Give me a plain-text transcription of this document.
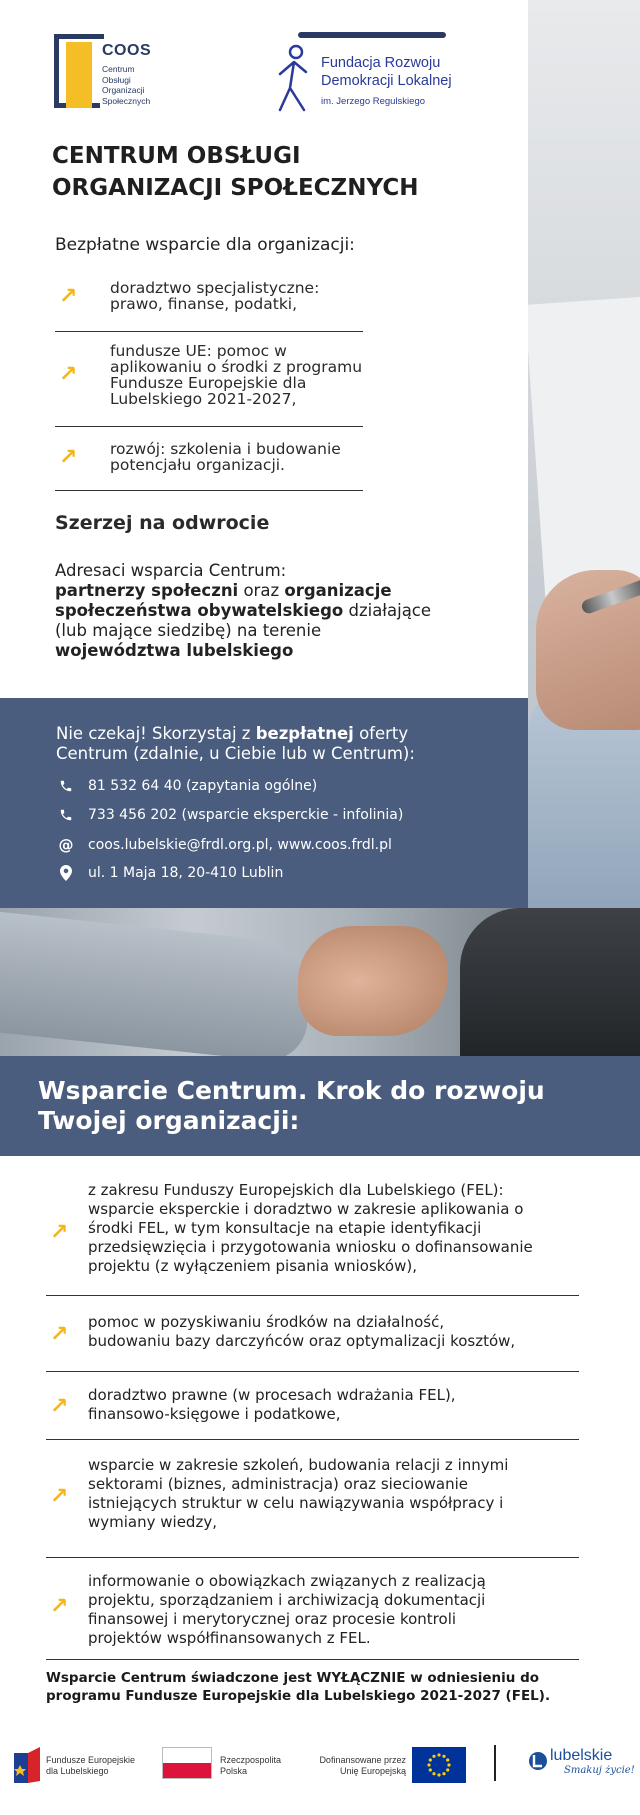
COOS
Centrum
Obsługi
Organizacji
Społecznych
Fundacja Rozwoju
Demokracji Lokalnej
im. Jerzego Regulskiego
CENTRUM OBSŁUGI
ORGANIZACJI SPOŁECZNYCH
Bezpłatne wsparcie dla organizacji:
↗ doradztwo specjalistyczne:
prawo, finanse, podatki,
↗
fundusze UE: pomoc w
aplikowaniu o środki z programu
Fundusze Europejskie dla
Lubelskiego 2021-2027,
↗ rozwój: szkolenia i budowanie
potencjału organizacji.
Szerzej na odwrocie
Adresaci wsparcia Centrum:
partnerzy społeczni oraz organizacje społeczeństwa obywatelskiego działające (lub mające siedzibę) na terenie województwa lubelskiego
Nie czekaj! Skorzystaj z bezpłatnej oferty Centrum (zdalnie, u Ciebie lub w Centrum):
81 532 64 40 (zapytania ogólne)
733 456 202 (wsparcie eksperckie - infolinia)
@ coos.lubelskie@frdl.org.pl, www.coos.frdl.pl
ul. 1 Maja 18, 20-410 Lublin
Wsparcie Centrum. Krok do rozwoju
Twojej organizacji:
↗
z zakresu Funduszy Europejskich dla Lubelskiego (FEL):
wsparcie eksperckie i doradztwo w zakresie aplikowania o
środki FEL, w tym konsultacje na etapie identyfikacji
przedsięwzięcia i przygotowania wniosku o dofinansowanie
projektu (z wyłączeniem pisania wniosków),
↗ pomoc w pozyskiwaniu środków na działalność,
budowaniu bazy darczyńców oraz optymalizacji kosztów,
↗ doradztwo prawne (w procesach wdrażania FEL),
finansowo-księgowe i podatkowe,
↗
wsparcie w zakresie szkoleń, budowania relacji z innymi
sektorami (biznes, administracja) oraz sieciowanie
istniejących struktur w celu nawiązywania współpracy i
wymiany wiedzy,
↗
informowanie o obowiązkach związanych z realizacją
projektu, sporządzaniem i archiwizacją dokumentacji
finansowej i merytorycznej oraz procesie kontroli
projektów współfinansowanych z FEL.
Wsparcie Centrum świadczone jest WYŁĄCZNIE w odniesieniu do programu Fundusze Europejskie dla Lubelskiego 2021-2027 (FEL).
Fundusze Europejskie
dla Lubelskiego
Rzeczpospolita
Polska
Dofinansowane przez
Unię Europejską
lubelskie
Smakuj życie!
